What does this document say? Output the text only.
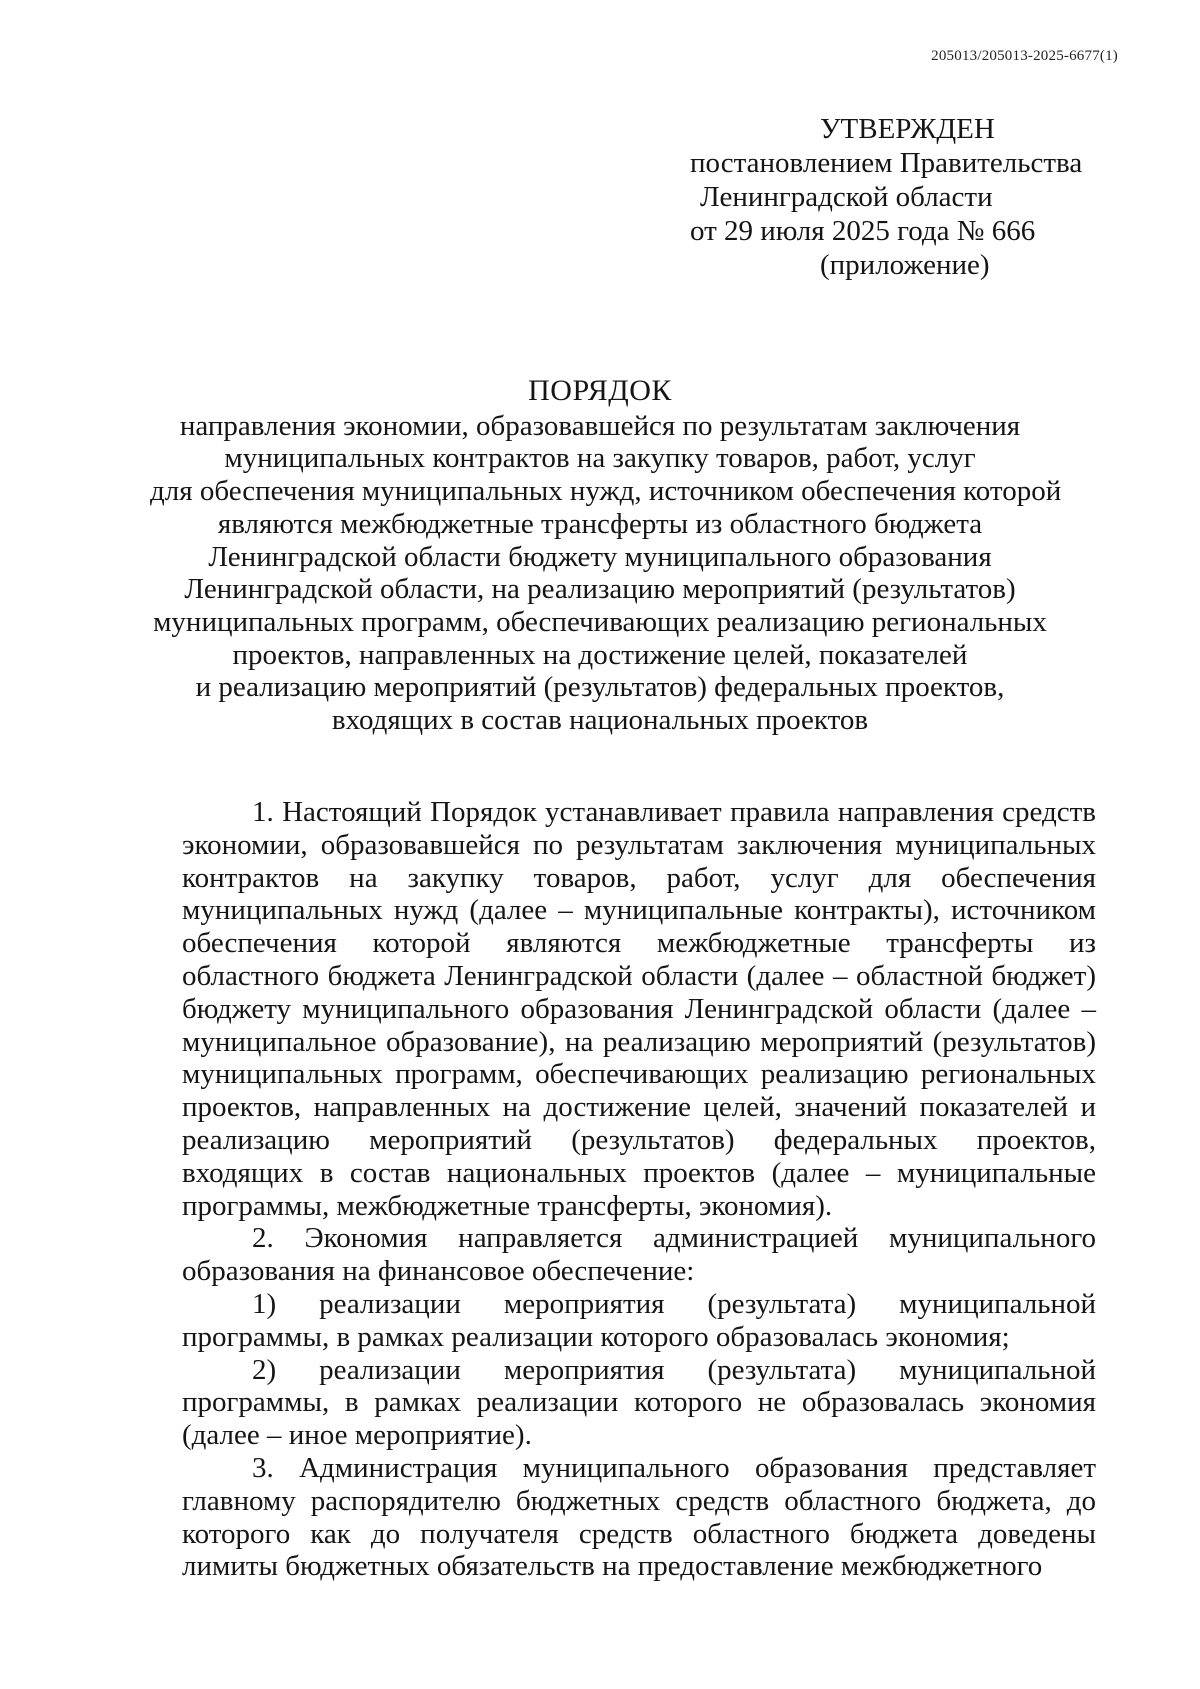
205013/205013-2025-6677(1)
УТВЕРЖДЕН
постановлением Правительства
Ленинградской области
от 29 июля 2025 года № 666
(приложение)
ПОРЯДОК
направления экономии, образовавшейся по результатам заключения
муниципальных контрактов на закупку товаров, работ, услуг
для обеспечения муниципальных нужд, источником обеспечения которой
являются межбюджетные трансферты из областного бюджета
Ленинградской области бюджету муниципального образования
Ленинградской области, на реализацию мероприятий (результатов)
муниципальных программ, обеспечивающих реализацию региональных
проектов, направленных на достижение целей, показателей
и реализацию мероприятий (результатов) федеральных проектов,
входящих в состав национальных проектов

1. Настоящий Порядок устанавливает правила направления средств экономии, образовавшейся по результатам заключения муниципальных контрактов на закупку товаров, работ, услуг для обеспечения муниципальных нужд (далее – муниципальные контракты), источником обеспечения которой являются межбюджетные трансферты из областного бюджета Ленинградской области (далее – областной бюджет) бюджету муниципального образования Ленинградской области (далее – муниципальное образование), на реализацию мероприятий (результатов) муниципальных программ, обеспечивающих реализацию региональных проектов, направленных на достижение целей, значений показателей и реализацию мероприятий (результатов) федеральных проектов, входящих в состав национальных проектов (далее – муниципальные программы, межбюджетные трансферты, экономия).

2. Экономия направляется администрацией муниципального образования на финансовое обеспечение:

1) реализации мероприятия (результата) муниципальной программы, в рамках реализации которого образовалась экономия;

2) реализации мероприятия (результата) муниципальной программы, в рамках реализации которого не образовалась экономия (далее – иное мероприятие).

3. Администрация муниципального образования представляет главному распорядителю бюджетных средств областного бюджета, до которого как до получателя средств областного бюджета доведены лимиты бюджетных обязательств на предоставление межбюджетного
